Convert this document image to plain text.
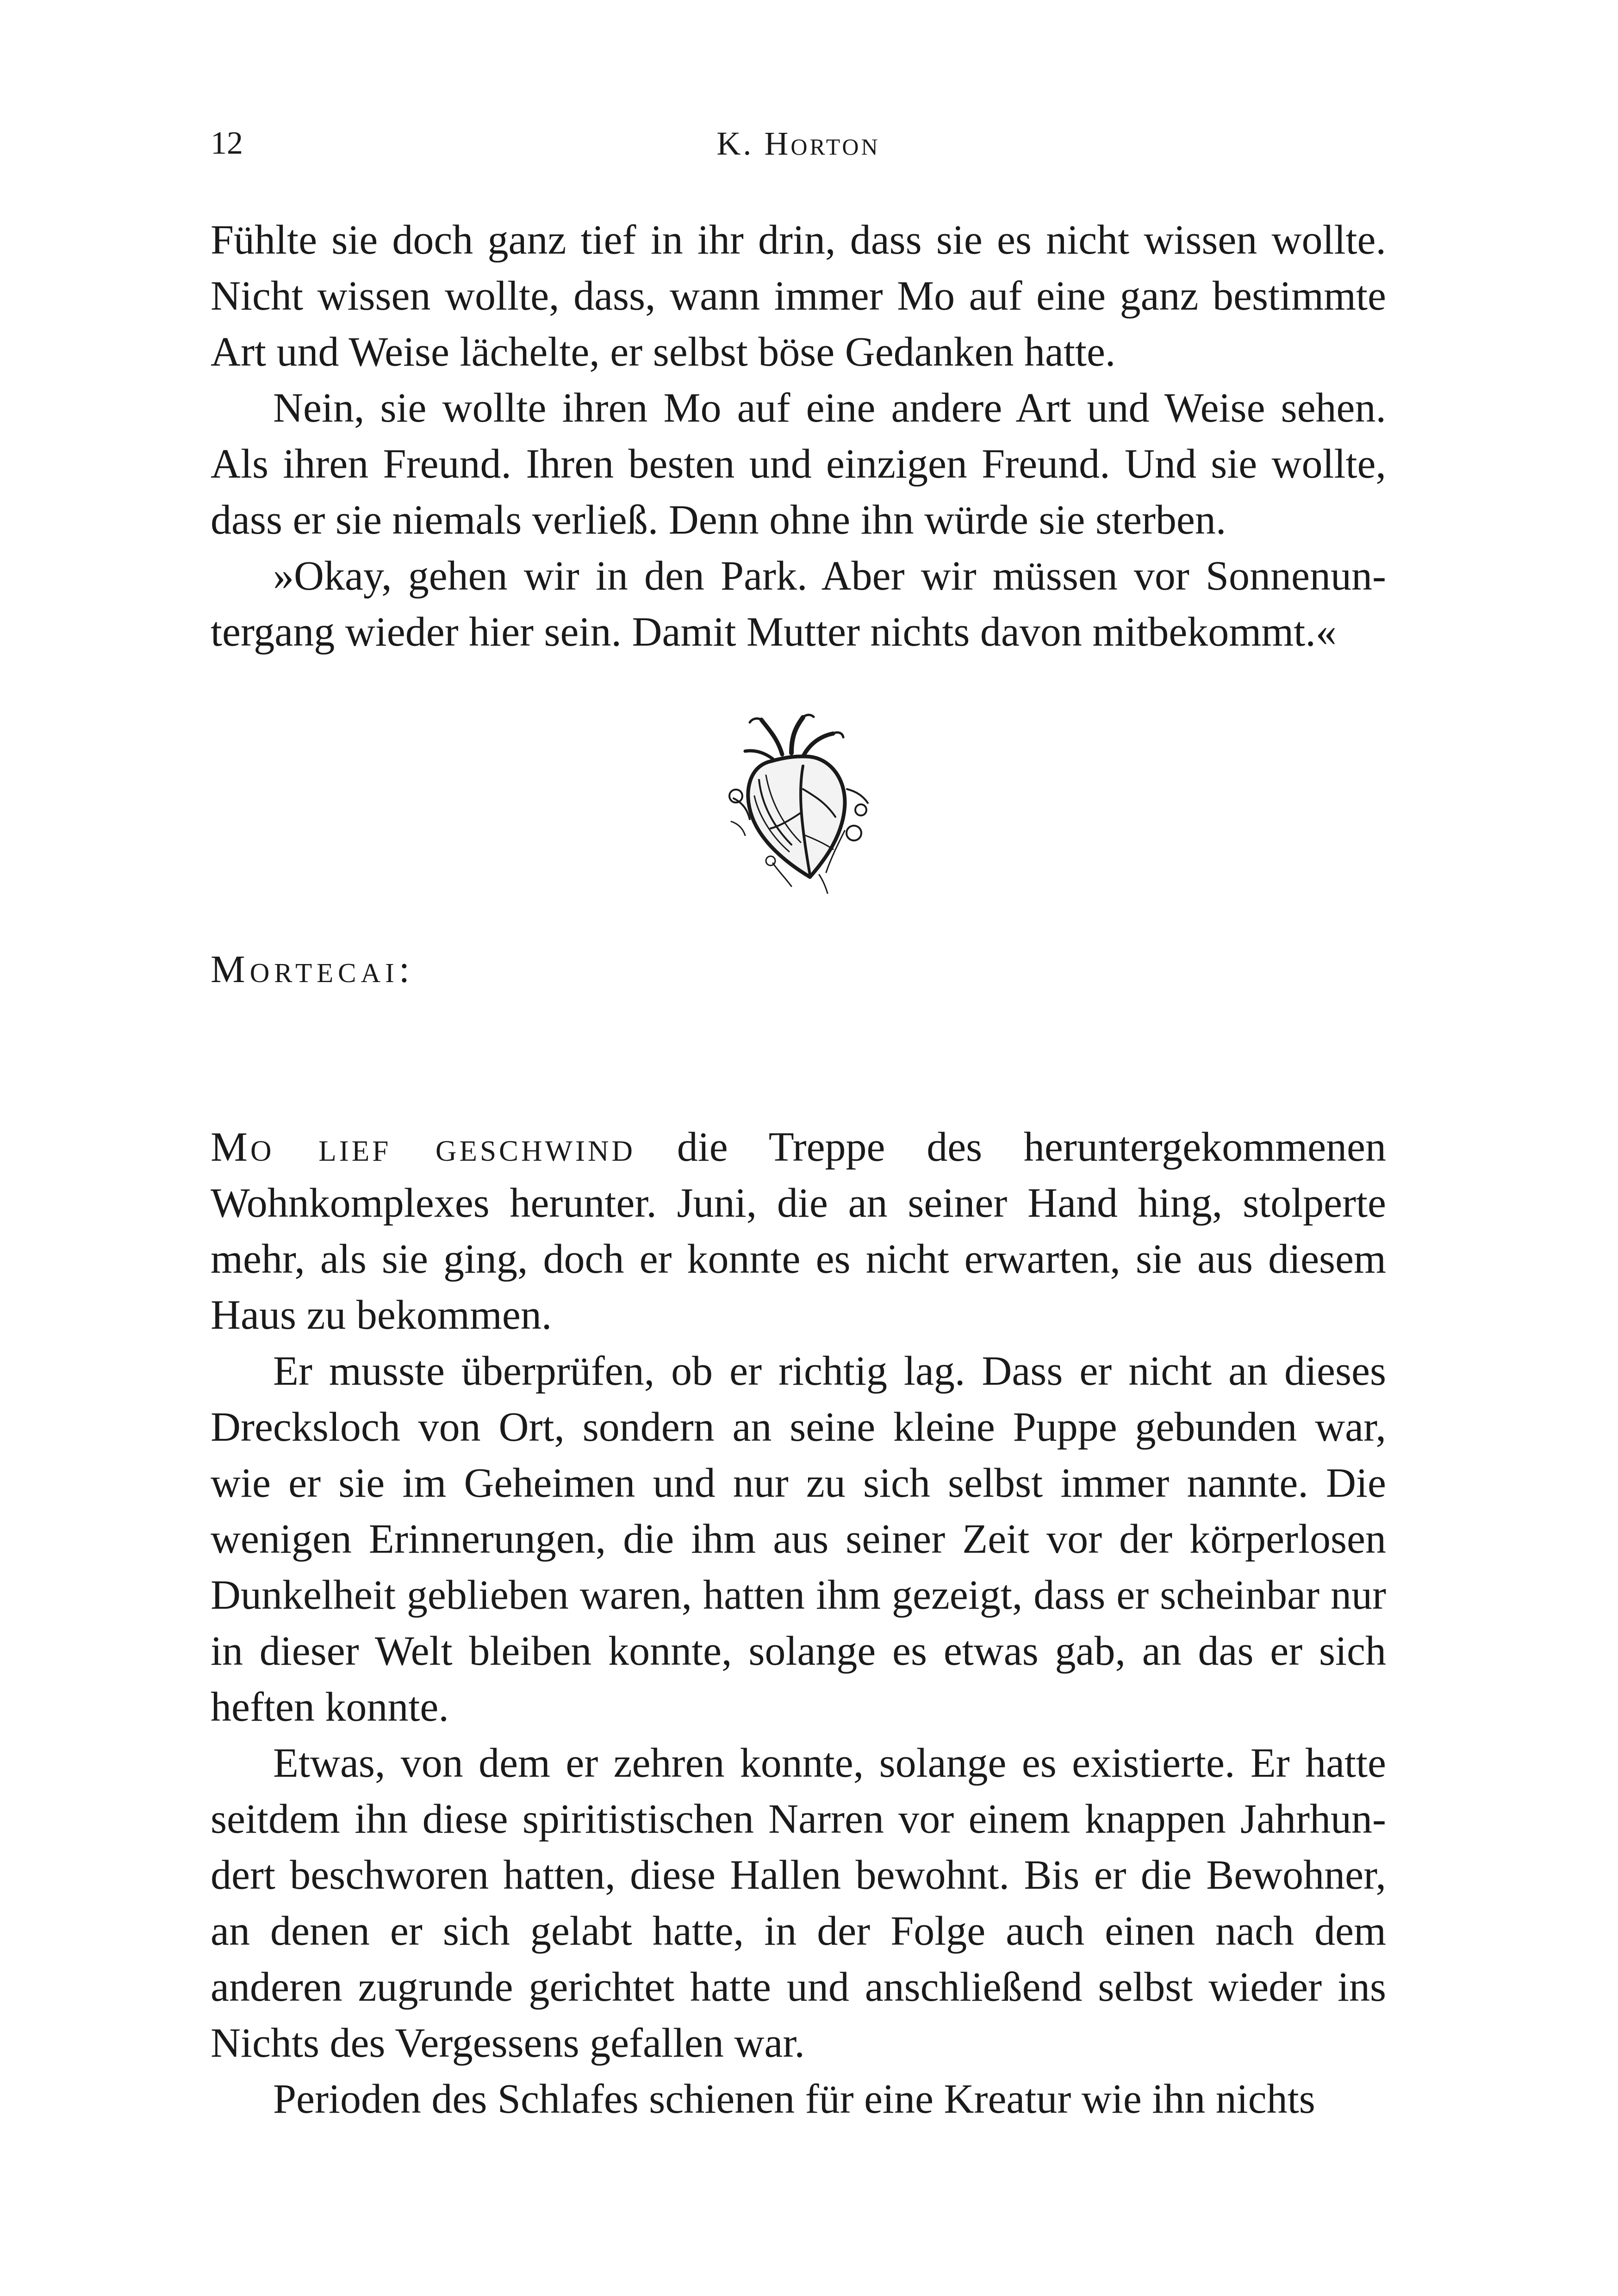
12	K. Horton

Fühlte sie doch ganz tief in ihr drin, dass sie es nicht wissen wollte. Nicht wissen wollte, dass, wann immer Mo auf eine ganz bestimmte Art und Weise lächelte, er selbst böse Gedanken hatte.

Nein, sie wollte ihren Mo auf eine andere Art und Weise sehen. Als ihren Freund. Ihren besten und einzigen Freund. Und sie wollte, dass er sie niemals verließ. Denn ohne ihn würde sie sterben.

»Okay, gehen wir in den Park. Aber wir müssen vor Sonnenuntergang wieder hier sein. Damit Mutter nichts davon mitbekommt.«

Mortecai:

Mo lief geschwind die Treppe des heruntergekommenen Wohnkomplexes herunter. Juni, die an seiner Hand hing, stolperte mehr, als sie ging, doch er konnte es nicht erwarten, sie aus diesem Haus zu bekommen.

Er musste überprüfen, ob er richtig lag. Dass er nicht an dieses Drecksloch von Ort, sondern an seine kleine Puppe gebunden war, wie er sie im Geheimen und nur zu sich selbst immer nannte. Die wenigen Erinnerungen, die ihm aus seiner Zeit vor der körperlosen Dunkelheit geblieben waren, hatten ihm gezeigt, dass er scheinbar nur in dieser Welt bleiben konnte, solange es etwas gab, an das er sich heften konnte.

Etwas, von dem er zehren konnte, solange es existierte. Er hatte seitdem ihn diese spiritistischen Narren vor einem knappen Jahrhundert beschworen hatten, diese Hallen bewohnt. Bis er die Bewohner, an denen er sich gelabt hatte, in der Folge auch einen nach dem anderen zugrunde gerichtet hatte und anschließend selbst wieder ins Nichts des Vergessens gefallen war.

Perioden des Schlafes schienen für eine Kreatur wie ihn nichts
